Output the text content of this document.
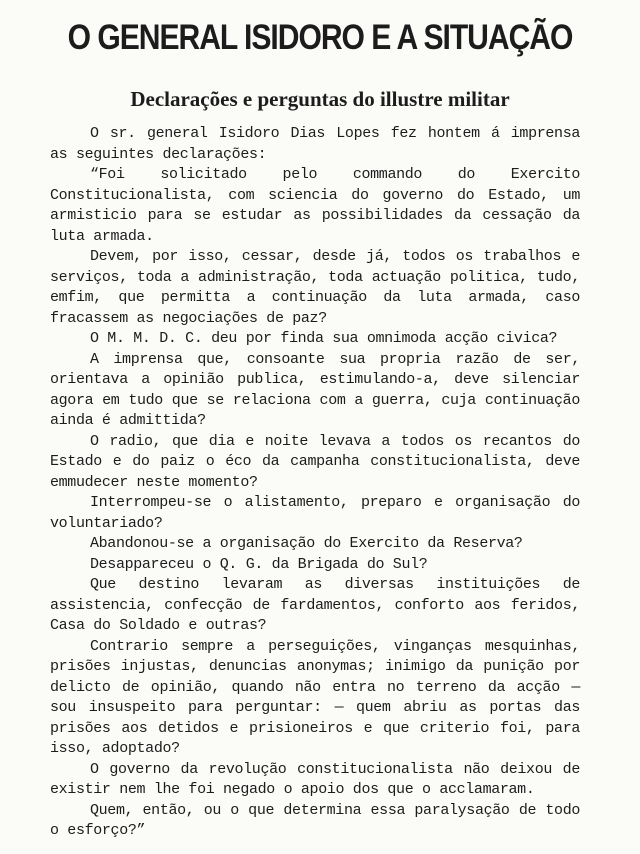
O GENERAL ISIDORO E A SITUAÇÃO
Declarações e perguntas do illustre militar

O sr. general Isidoro Dias Lopes fez hontem á imprensa as seguintes declarações:

“Foi solicitado pelo commando do Exercito Constitucionalista, com sciencia do governo do Estado, um armisticio para se estudar as possibilidades da cessação da luta armada.

Devem, por isso, cessar, desde já, todos os trabalhos e serviços, toda a administração, toda actuação politica, tudo, emfim, que permitta a continuação da luta armada, caso fracassem as negociações de paz?

O M. M. D. C. deu por finda sua omnimoda acção civica?

A imprensa que, consoante sua propria razão de ser, orientava a opinião publica, estimulando-a, deve silenciar agora em tudo que se relaciona com a guerra, cuja continuação ainda é admittida?

O radio, que dia e noite levava a todos os recantos do Estado e do paiz o éco da campanha constitucionalista, deve emmudecer neste momento?

Interrompeu-se o alistamento, preparo e organisação do voluntariado?

Abandonou-se a organisação do Exercito da Reserva?

Desappareceu o Q. G. da Brigada do Sul?

Que destino levaram as diversas instituições de assistencia, confecção de fardamentos, conforto aos feridos, Casa do Soldado e outras?

Contrario sempre a perseguições, vinganças mesquinhas, prisões injustas, denuncias anonymas; inimigo da punição por delicto de opinião, quando não entra no terreno da acção — sou insuspeito para perguntar: — quem abriu as portas das prisões aos detidos e prisioneiros e que criterio foi, para isso, adoptado?

O governo da revolução constitucionalista não deixou de existir nem lhe foi negado o apoio dos que o acclamaram.

Quem, então, ou o que determina essa paralysação de todo o esforço?”
